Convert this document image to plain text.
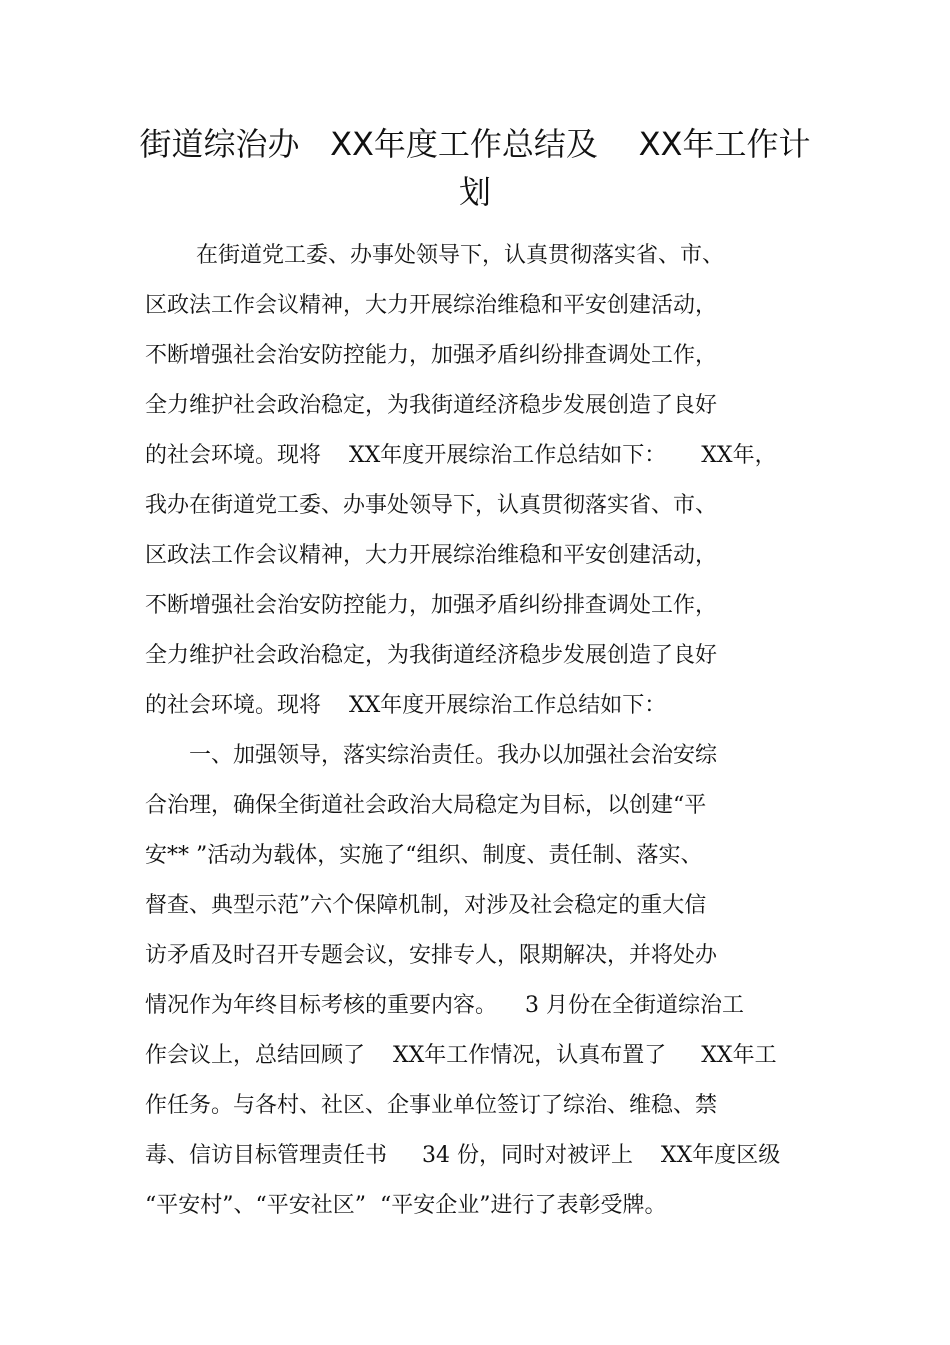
街道综治办   XX年度工作总结及    XX年工作计
划
在街道党工委、办事处领导下，认真贯彻落实省、市、
区政法工作会议精神，大力开展综治维稳和平安创建活动，
不断增强社会治安防控能力，加强矛盾纠纷排查调处工作，
全力维护社会政治稳定，为我街道经济稳步发展创造了良好
的社会环境。现将    XX年度开展综治工作总结如下：     XX年，
我办在街道党工委、办事处领导下，认真贯彻落实省、市、
区政法工作会议精神，大力开展综治维稳和平安创建活动，
不断增强社会治安防控能力，加强矛盾纠纷排查调处工作，
全力维护社会政治稳定，为我街道经济稳步发展创造了良好
的社会环境。现将    XX年度开展综治工作总结如下：
一、加强领导，落实综治责任。我办以加强社会治安综
合治理，确保全街道社会政治大局稳定为目标，以创建“平
安** ”活动为载体，实施了“组织、制度、责任制、落实、
督查、典型示范”六个保障机制，对涉及社会稳定的重大信
访矛盾及时召开专题会议，安排专人，限期解决，并将处办
情况作为年终目标考核的重要内容。    3 月份在全街道综治工
作会议上，总结回顾了    XX年工作情况，认真布置了     XX年工
作任务。与各村、社区、企事业单位签订了综治、维稳、禁
毒、信访目标管理责任书     34 份，同时对被评上    XX年度区级
“平安村”、“平安社区”  “平安企业”进行了表彰受牌。
